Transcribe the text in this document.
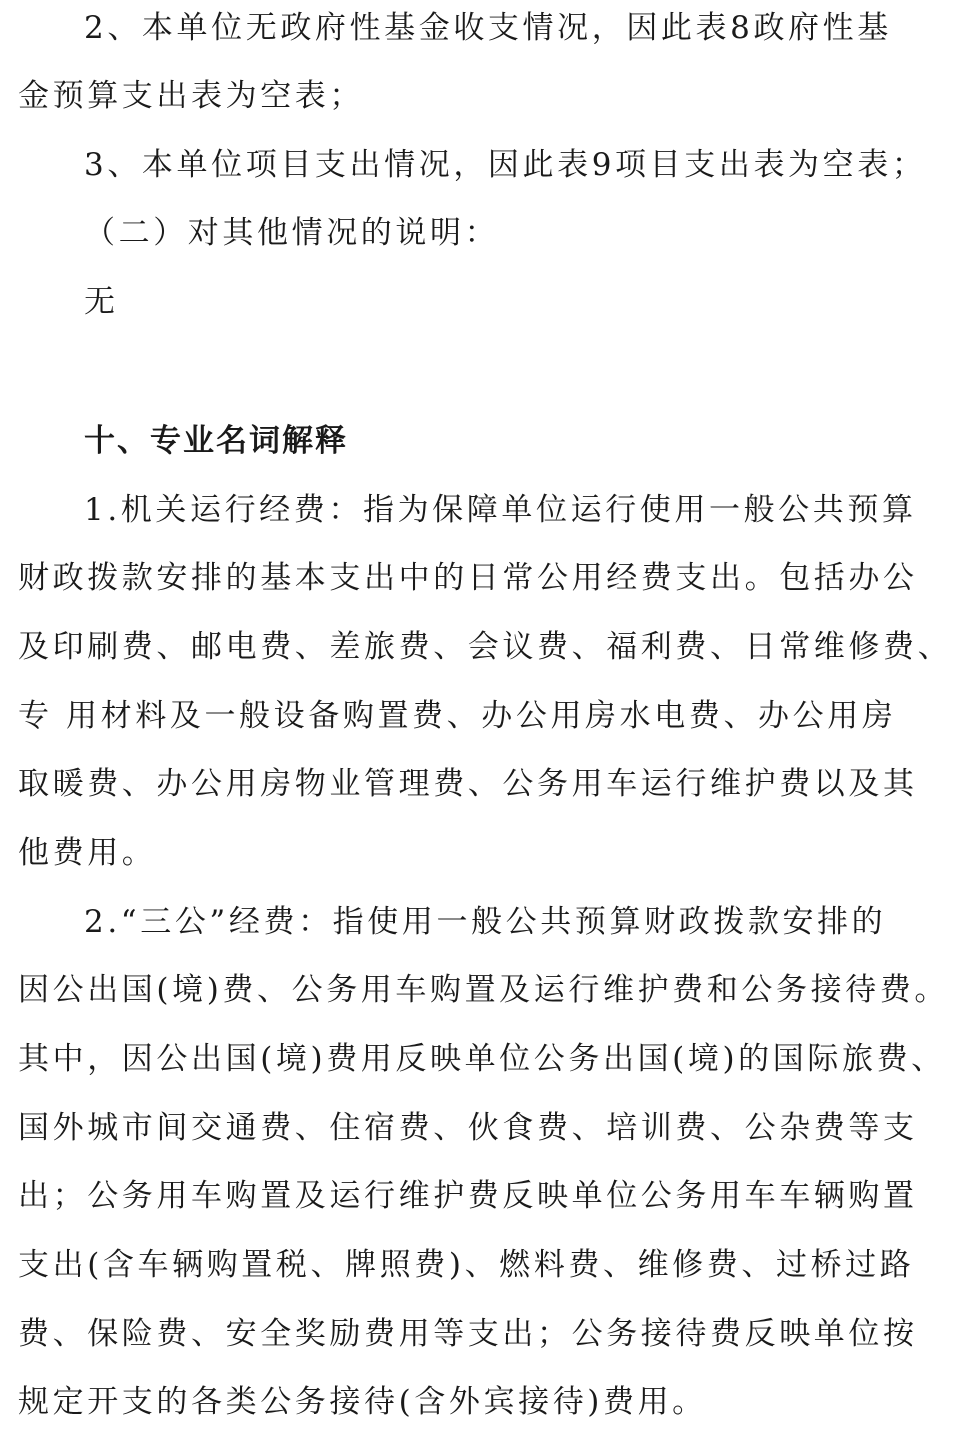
2、本单位无政府性基金收支情况，因此表8政府性基
金预算支出表为空表；
3、本单位项目支出情况，因此表9项目支出表为空表；
（二）对其他情况的说明：
无
十、专业名词解释
1.机关运行经费：指为保障单位运行使用一般公共预算
财政拨款安排的基本支出中的日常公用经费支出。包括办公
及印刷费、邮电费、差旅费、会议费、福利费、日常维修费、
专 用材料及一般设备购置费、办公用房水电费、办公用房
取暖费、办公用房物业管理费、公务用车运行维护费以及其
他费用。
2.“三公”经费：指使用一般公共预算财政拨款安排的
因公出国(境)费、公务用车购置及运行维护费和公务接待费。
其中，因公出国(境)费用反映单位公务出国(境)的国际旅费、
国外城市间交通费、住宿费、伙食费、培训费、公杂费等支
出；公务用车购置及运行维护费反映单位公务用车车辆购置
支出(含车辆购置税、牌照费)、燃料费、维修费、过桥过路
费、保险费、安全奖励费用等支出；公务接待费反映单位按
规定开支的各类公务接待(含外宾接待)费用。
